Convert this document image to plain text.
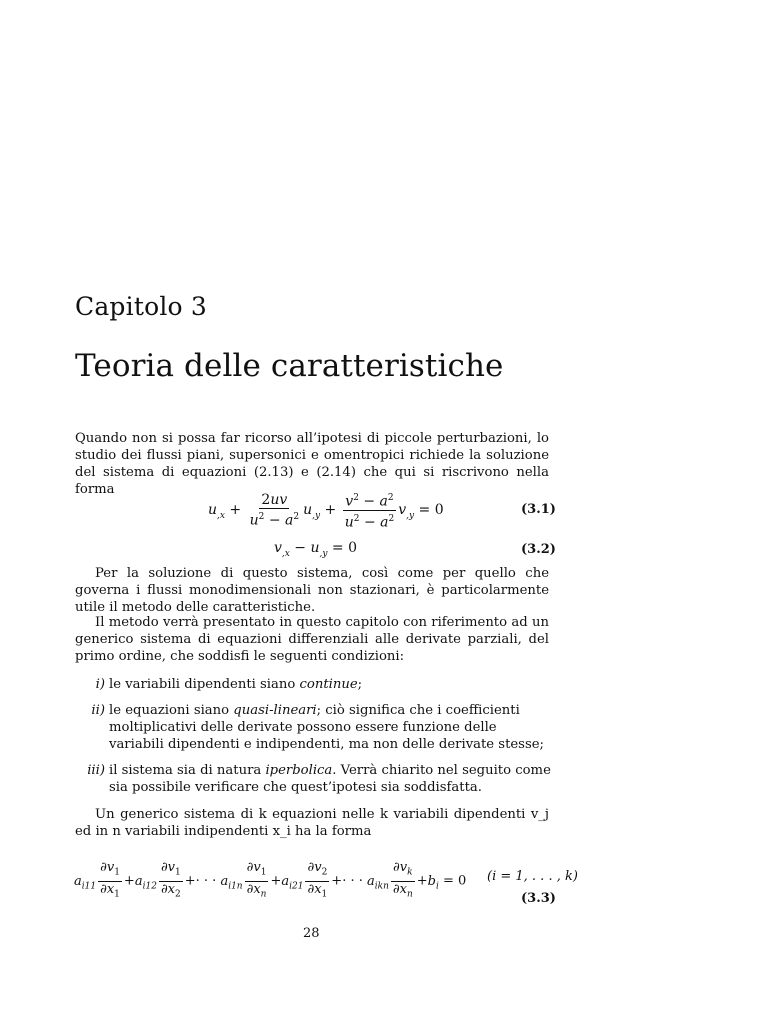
Capitolo 3
Teoria delle caratteristiche
Quando non si possa far ricorso all’ipotesi di piccole perturbazioni, lo studio dei flussi piani, supersonici e omentropici richiede la soluzione del sistema di equazioni (2.13) e (2.14) che qui si riscrivono nella forma
$u_{,x} + \frac{2uv}{u^2 - a^2} u_{,y} + \frac{v^2 - a^2}{u^2 - a^2} v_{,y} = 0$	(3.1)
$v_{,x} - u_{,y} = 0$	(3.2)
Per la soluzione di questo sistema, così come per quello che governa i flussi monodimensionali non stazionari, è particolarmente utile il metodo delle caratteristiche.
Il metodo verrà presentato in questo capitolo con riferimento ad un generico sistema di equazioni differenziali alle derivate parziali, del primo ordine, che soddisfi le seguenti condizioni:
i) le variabili dipendenti siano continue;
ii) le equazioni siano quasi-lineari; ciò significa che i coefficienti moltiplicativi delle derivate possono essere funzione delle variabili dipendenti e indipendenti, ma non delle derivate stesse;
iii) il sistema sia di natura iperbolica. Verrà chiarito nel seguito come sia possibile verificare che quest’ipotesi sia soddisfatta.
Un generico sistema di k equazioni nelle k variabili dipendenti v_j ed in n variabili indipendenti x_i ha la forma
$a_{i11} \frac{\partial v_1}{\partial x_1} +a_{i12} \frac{\partial v_1}{\partial x_2}$ +· · · $a_{i1n} \frac{\partial v_1}{\partial x_n} +a_{i21} \frac{\partial v_2}{\partial x_1}$ +· · · $a_{ikn} \frac{\partial v_k}{\partial x_n} +b_i = 0$ (i = 1, . . . , k)
(3.3)
28
